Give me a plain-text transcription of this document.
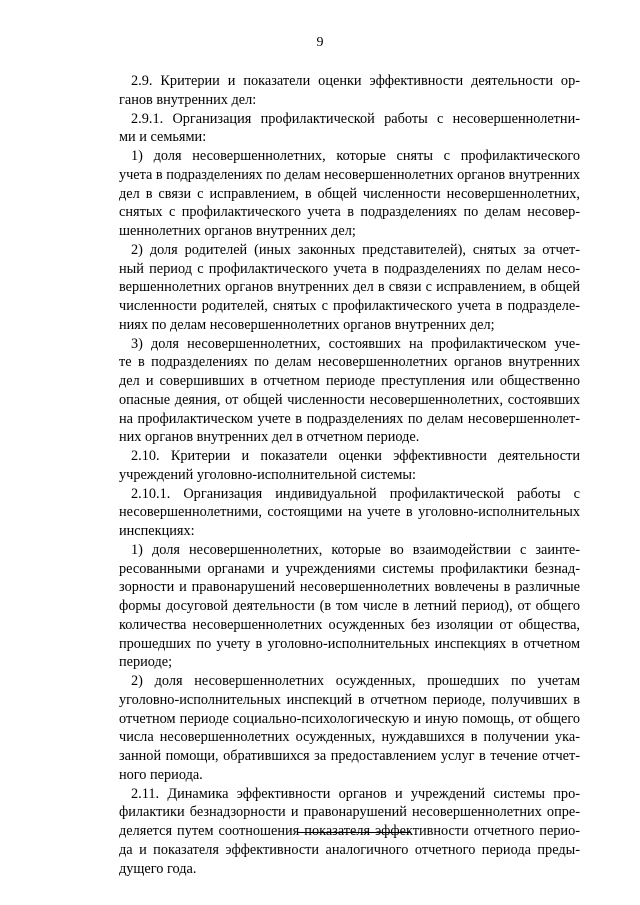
9
2.9. Критерии и показатели оценки эффективности деятельности ор-
ганов внутренних дел:
2.9.1. Организация профилактической работы с несовершеннолетни-
ми и семьями:
1) доля несовершеннолетних, которые сняты с профилактического
учета в подразделениях по делам несовершеннолетних органов внутренних
дел в связи с исправлением, в общей численности несовершеннолетних,
снятых с профилактического учета в подразделениях по делам несовер-
шеннолетних органов внутренних дел;
2) доля родителей (иных законных представителей), снятых за отчет-
ный период с профилактического учета в подразделениях по делам несо-
вершеннолетних органов внутренних дел в связи с исправлением, в общей
численности родителей, снятых с профилактического учета в подразделе-
ниях по делам несовершеннолетних органов внутренних дел;
3) доля несовершеннолетних, состоявших на профилактическом уче-
те в подразделениях по делам несовершеннолетних органов внутренних
дел и совершивших в отчетном периоде преступления или общественно
опасные деяния, от общей численности несовершеннолетних, состоявших
на профилактическом учете в подразделениях по делам несовершеннолет-
них органов внутренних дел в отчетном периоде.
2.10. Критерии и показатели оценки эффективности деятельности
учреждений уголовно-исполнительной системы:
2.10.1. Организация индивидуальной профилактической работы с
несовершеннолетними, состоящими на учете в уголовно-исполнительных
инспекциях:
1) доля несовершеннолетних, которые во взаимодействии с заинте-
ресованными органами и учреждениями системы профилактики безнад-
зорности и правонарушений несовершеннолетних вовлечены в различные
формы досуговой деятельности (в том числе в летний период), от общего
количества несовершеннолетних осужденных без изоляции от общества,
прошедших по учету в уголовно-исполнительных инспекциях в отчетном
периоде;
2) доля несовершеннолетних осужденных, прошедших по учетам
уголовно-исполнительных инспекций в отчетном периоде, получивших в
отчетном периоде социально-психологическую и иную помощь, от общего
числа несовершеннолетних осужденных, нуждавшихся в получении ука-
занной помощи, обратившихся за предоставлением услуг в течение отчет-
ного периода.
2.11. Динамика эффективности органов и учреждений системы про-
филактики безнадзорности и правонарушений несовершеннолетних опре-
деляется путем соотношения показателя эффективности отчетного перио-
да и показателя эффективности аналогичного отчетного периода преды-
дущего года.
